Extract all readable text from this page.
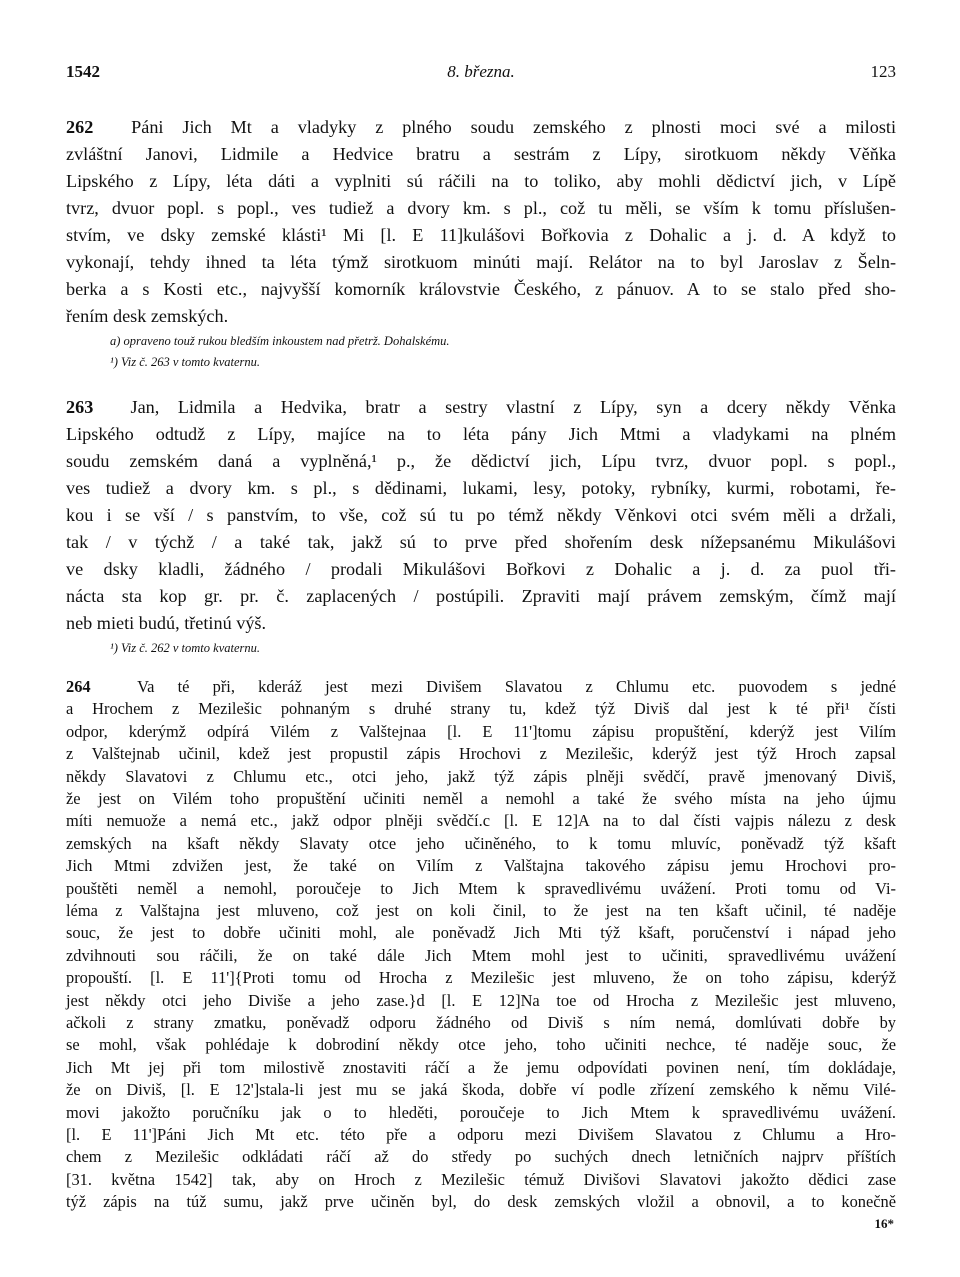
1542	8. března.	123
262 Páni Jich Mt a vladyky z plného soudu zemského z plnosti moci své a milosti
zvláštní Janovi, Lidmile a Hedvice bratru a sestrám z Lípy, sirotkuom někdy Věňka
Lipského z Lípy, léta dáti a vyplniti sú ráčili na to toliko, aby mohli dědictví jich, v Lípě
tvrz, dvuor popl. s popl., ves tudiež a dvory km. s pl., což tu měli, se vším k tomu příslušen-
stvím, ve dsky zemské klásti¹ Mi [l. E 11]kulášovi Bořkovia z Dohalic a j. d. A když to
vykonají, tehdy ihned ta léta týmž sirotkuom minúti mají. Relátor na to byl Jaroslav z Šeln-
berka a s Kosti etc., najvyšší komorník královstvie Českého, z pánuov. A to se stalo před sho-
řením desk zemských.
a) opraveno touž rukou bledším inkoustem nad přetrž. Dohalskému.
¹) Viz č. 263 v tomto kvaternu.
263 Jan, Lidmila a Hedvika, bratr a sestry vlastní z Lípy, syn a dcery někdy Věnka
Lipského odtudž z Lípy, majíce na to léta pány Jich Mtmi a vladykami na plném
soudu zemském daná a vyplněná,¹ p., že dědictví jich, Lípu tvrz, dvuor popl. s popl.,
ves tudiež a dvory km. s pl., s dědinami, lukami, lesy, potoky, rybníky, kurmi, robotami, ře-
kou i se vší / s panstvím, to vše, což sú tu po témž někdy Věnkovi otci svém měli a držali,
tak / v týchž / a také tak, jakž sú to prve před shořením desk nížepsanému Mikulášovi
ve dsky kladli, žádného / prodali Mikulášovi Bořkovi z Dohalic a j. d. za puol tři-
nácta sta kop gr. pr. č. zaplacených / postúpili. Zpraviti mají právem zemským, čímž mají
neb mieti budú, třetinú výš.
¹) Viz č. 262 v tomto kvaternu.
264	Va té při, kderáž jest mezi Divišem Slavatou z Chlumu etc. puovodem s jedné
a Hrochem z Mezilešic pohnaným s druhé strany tu, kdež týž Diviš dal jest k té při¹ čísti
odpor, kderýmž odpírá Vilém z Valštejnaa [l. E 11']tomu zápisu propuštění, kderýž jest Vilím
z Valštejnab učinil, kdež jest propustil zápis Hrochovi z Mezilešic, kderýž jest týž Hroch zapsal
někdy Slavatovi z Chlumu etc., otci jeho, jakž týž zápis plněji svědčí, pravě jmenovaný Diviš,
že jest on Vilém toho propuštění učiniti neměl a nemohl a také že svého místa na jeho újmu
míti nemuože a nemá etc., jakž odpor plněji svědčí.c [l. E 12]A na to dal čísti vajpis nálezu z desk
zemských na kšaft někdy Slavaty otce jeho učiněného, to k tomu mluvíc, poněvadž týž kšaft
Jich Mtmi zdvižen jest, že také on Vilím z Valštajna takového zápisu jemu Hrochovi pro-
pouštěti neměl a nemohl, poroučeje to Jich Mtem k spravedlivému uvážení. Proti tomu od Vi-
léma z Valštajna jest mluveno, což jest on koli činil, to že jest na ten kšaft učinil, té naděje
souc, že jest to dobře učiniti mohl, ale poněvadž Jich Mti týž kšaft, poručenství i nápad jeho
zdvihnouti sou ráčili, že on také dále Jich Mtem mohl jest to učiniti, spravedlivému uvážení
propouští. [l. E 11']{Proti tomu od Hrocha z Mezilešic jest mluveno, že on toho zápisu, kderýž
jest někdy otci jeho Diviše a jeho zase.}d [l. E 12]Na toe od Hrocha z Mezilešic jest mluveno,
ačkoli z strany zmatku, poněvadž odporu žádného od Diviš s ním nemá, domlúvati dobře by
se mohl, však pohlédaje k dobrodiní někdy otce jeho, toho učiniti nechce, té naděje souc, že
Jich Mt jej při tom milostivě znostaviti ráčí a že jemu odpovídati povinen není, tím dokládaje,
že on Diviš, [l. E 12']stala-li jest mu se jaká škoda, dobře ví podle zřízení zemského k němu Vilé-
movi jakožto poručníku jak o to hleděti, poroučeje to Jich Mtem k spravedlivému uvážení.
[l. E 11']Páni Jich Mt etc. této pře a odporu mezi Divišem Slavatou z Chlumu a Hro-
chem z Mezilešic odkládati ráčí až do středy po suchých dnech letničních najprv příštích
[31. května 1542] tak, aby on Hroch z Mezilešic témuž Divišovi Slavatovi jakožto dědici zase
týž zápis na túž sumu, jakž prve učiněn byl, do desk zemských vložil a obnovil, a to konečně
16*
